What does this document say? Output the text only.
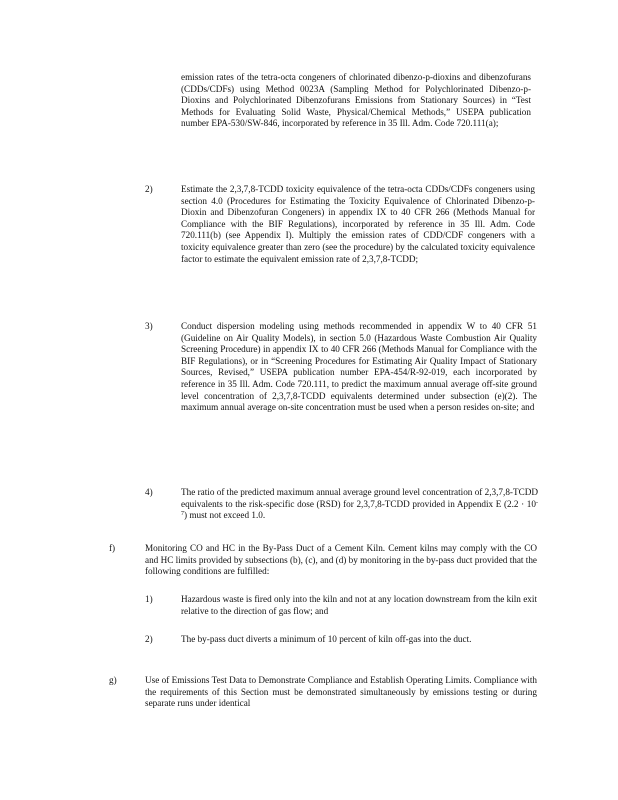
emission rates of the tetra-octa congeners of chlorinated dibenzo-p-dioxins and dibenzofurans (CDDs/CDFs) using Method 0023A (Sampling Method for Polychlorinated Dibenzo-p-Dioxins and Polychlorinated Dibenzofurans Emissions from Stationary Sources) in “Test Methods for Evaluating Solid Waste, Physical/Chemical Methods,” USEPA publication number EPA-530/SW-846, incorporated by reference in 35 Ill. Adm. Code 720.111(a);

2)	Estimate the 2,3,7,8-TCDD toxicity equivalence of the tetra-octa CDDs/CDFs congeners using section 4.0 (Procedures for Estimating the Toxicity Equivalence of Chlorinated Dibenzo-p-Dioxin and Dibenzofuran Congeners) in appendix IX to 40 CFR 266 (Methods Manual for Compliance with the BIF Regulations), incorporated by reference in 35 Ill. Adm. Code 720.111(b) (see Appendix I). Multiply the emission rates of CDD/CDF congeners with a toxicity equivalence greater than zero (see the procedure) by the calculated toxicity equivalence factor to estimate the equivalent emission rate of 2,3,7,8-TCDD;

3)	Conduct dispersion modeling using methods recommended in appendix W to 40 CFR 51 (Guideline on Air Quality Models), in section 5.0 (Hazardous Waste Combustion Air Quality Screening Procedure) in appendix IX to 40 CFR 266 (Methods Manual for Compliance with the BIF Regulations), or in “Screening Procedures for Estimating Air Quality Impact of Stationary Sources, Revised,” USEPA publication number EPA-454/R-92-019, each incorporated by reference in 35 Ill. Adm. Code 720.111, to predict the maximum annual average off-site ground level concentration of 2,3,7,8-TCDD equivalents determined under subsection (e)(2). The maximum annual average on-site concentration must be used when a person resides on-site; and

4)	The ratio of the predicted maximum annual average ground level concentration of 2,3,7,8-TCDD equivalents to the risk-specific dose (RSD) for 2,3,7,8-TCDD provided in Appendix E $(2.2 \cdot 10^{-7})$ must not exceed 1.0.

f)	Monitoring CO and HC in the By-Pass Duct of a Cement Kiln. Cement kilns may comply with the CO and HC limits provided by subsections (b), (c), and (d) by monitoring in the by-pass duct provided that the following conditions are fulfilled:

1)	Hazardous waste is fired only into the kiln and not at any location downstream from the kiln exit relative to the direction of gas flow; and

2)	The by-pass duct diverts a minimum of 10 percent of kiln off-gas into the duct.

g)	Use of Emissions Test Data to Demonstrate Compliance and Establish Operating Limits. Compliance with the requirements of this Section must be demonstrated simultaneously by emissions testing or during separate runs under identical
